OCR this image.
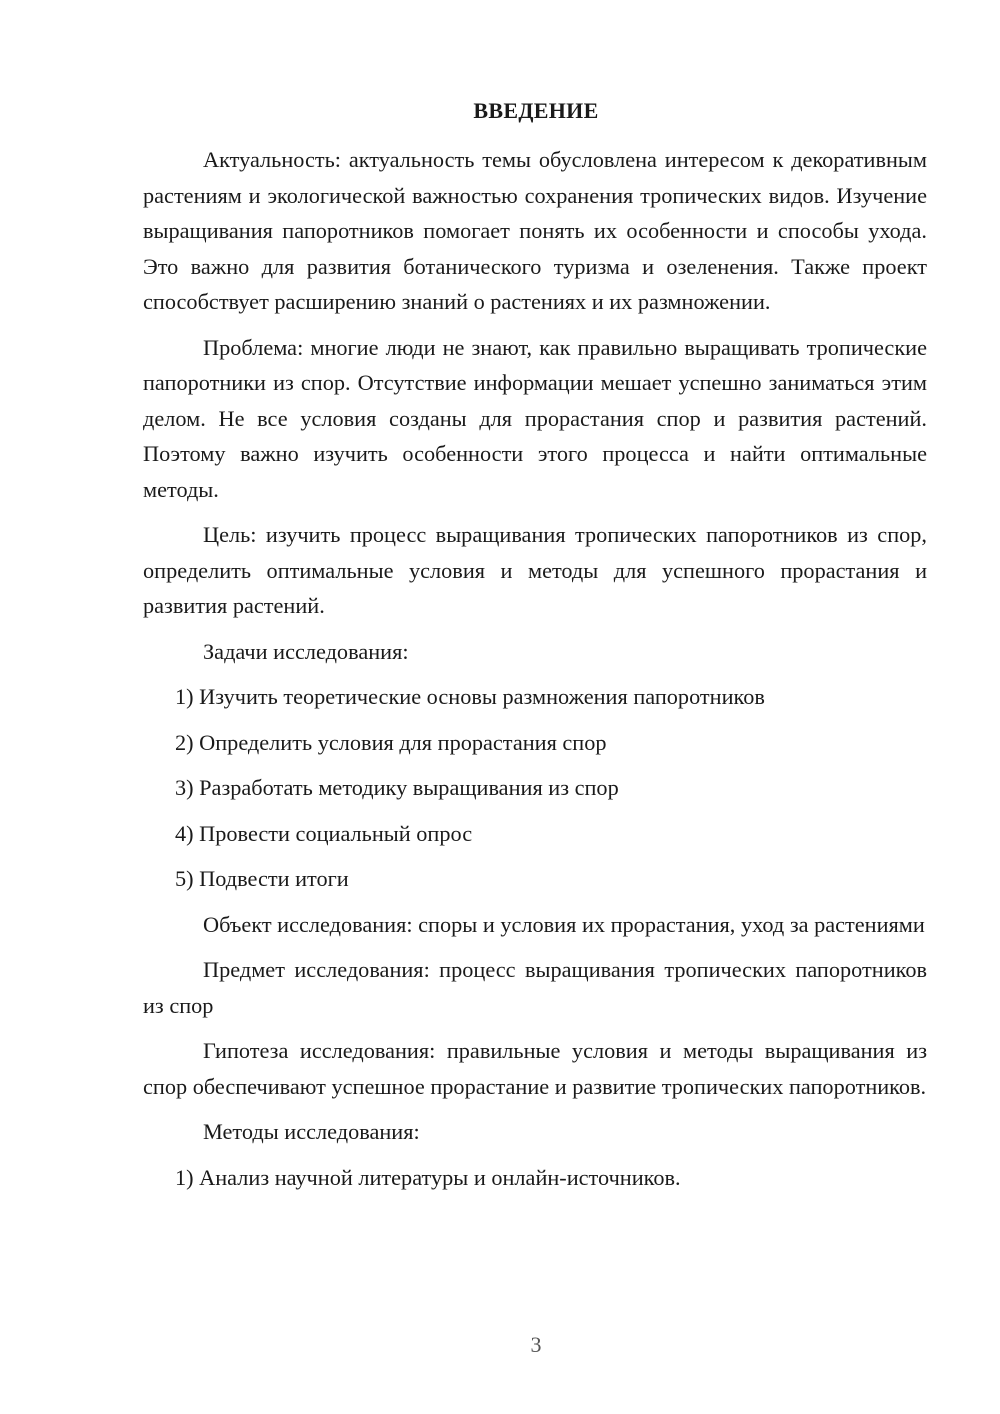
ВВЕДЕНИЕ

Актуальность: актуальность темы обусловлена интересом к декоративным растениям и экологической важностью сохранения тропических видов. Изучение выращивания папоротников помогает понять их особенности и способы ухода. Это важно для развития ботанического туризма и озеленения. Также проект способствует расширению знаний о растениях и их размножении.

Проблема: многие люди не знают, как правильно выращивать тропические папоротники из спор. Отсутствие информации мешает успешно заниматься этим делом. Не все условия созданы для прорастания спор и развития растений. Поэтому важно изучить особенности этого процесса и найти оптимальные методы.

Цель: изучить процесс выращивания тропических папоротников из спор, определить оптимальные условия и методы для успешного прорастания и развития растений.

Задачи исследования:

1) Изучить теоретические основы размножения папоротников
2) Определить условия для прорастания спор
3) Разработать методику выращивания из спор
4) Провести социальный опрос
5) Подвести итоги

Объект исследования: споры и условия их прорастания, уход за растениями

Предмет исследования: процесс выращивания тропических папоротников из спор

Гипотеза исследования: правильные условия и методы выращивания из спор обеспечивают успешное прорастание и развитие тропических папоротников.

Методы исследования:

1) Анализ научной литературы и онлайн-источников.
3
